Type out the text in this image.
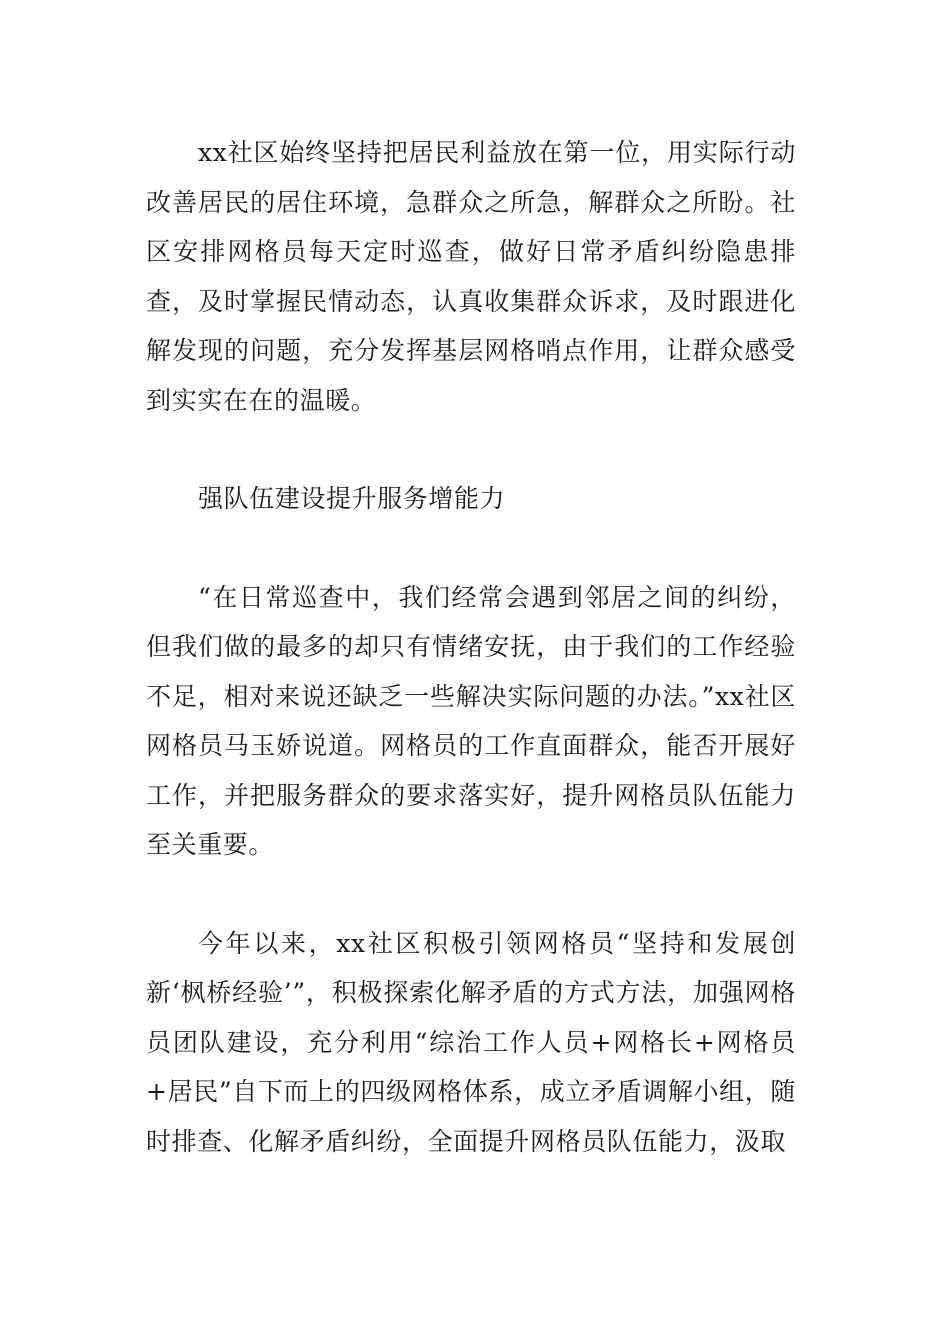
xx社区始终坚持把居民利益放在第一位，用实际行动改善居民的居住环境，急群众之所急，解群众之所盼。社区安排网格员每天定时巡查，做好日常矛盾纠纷隐患排查，及时掌握民情动态，认真收集群众诉求，及时跟进化解发现的问题，充分发挥基层网格哨点作用，让群众感受到实实在在的温暖。

强队伍建设提升服务增能力

“在日常巡查中，我们经常会遇到邻居之间的纠纷，但我们做的最多的却只有情绪安抚，由于我们的工作经验不足，相对来说还缺乏一些解决实际问题的办法。”xx社区网格员马玉娇说道。网格员的工作直面群众，能否开展好工作，并把服务群众的要求落实好，提升网格员队伍能力至关重要。

今年以来，xx社区积极引领网格员“坚持和发展创新‘枫桥经验’”，积极探索化解矛盾的方式方法，加强网格员团队建设，充分利用“综治工作人员+网格长+网格员+居民”自下而上的四级网格体系，成立矛盾调解小组，随时排查、化解矛盾纠纷，全面提升网格员队伍能力，汲取
